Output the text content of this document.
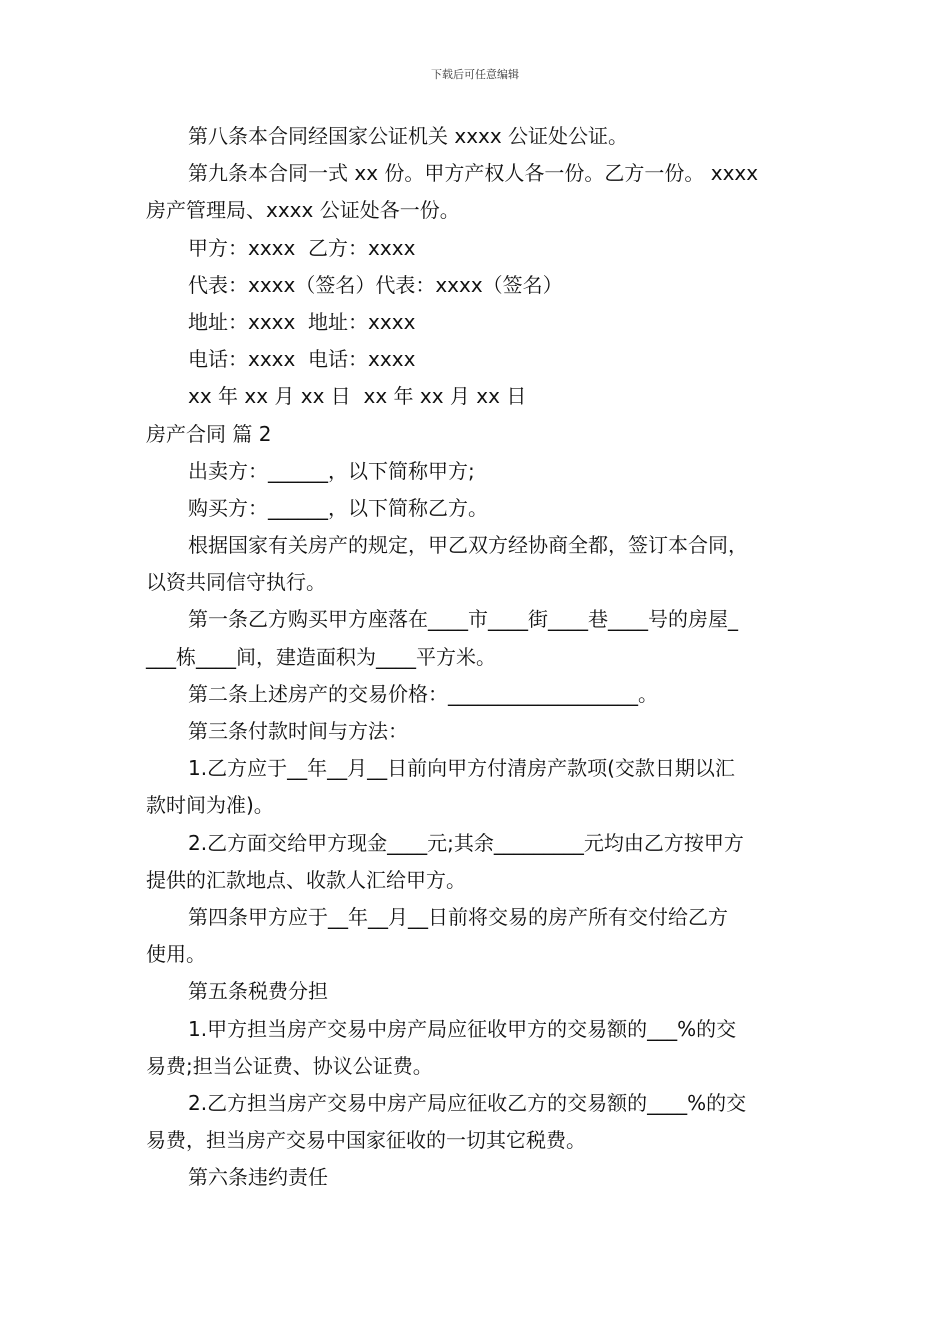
下载后可任意编辑
第八条本合同经国家公证机关 xxxx 公证处公证。
第九条本合同一式 xx 份。甲方产权人各一份。乙方一份。 xxxx
房产管理局、xxxx 公证处各一份。
甲方：xxxx  乙方：xxxx
代表：xxxx（签名）代表：xxxx（签名）
地址：xxxx  地址：xxxx
电话：xxxx  电话：xxxx
xx 年 xx 月 xx 日  xx 年 xx 月 xx 日
房产合同 篇 2
出卖方：______，以下简称甲方;
购买方：______，以下简称乙方。
根据国家有关房产的规定，甲乙双方经协商全都，签订本合同，
以资共同信守执行。
第一条乙方购买甲方座落在____市____街____巷____号的房屋_
___栋____间，建造面积为____平方米。
第二条上述房产的交易价格：___________________。
第三条付款时间与方法：
1.乙方应于__年__月__日前向甲方付清房产款项(交款日期以汇
款时间为准)。
2.乙方面交给甲方现金____元;其余_________元均由乙方按甲方
提供的汇款地点、收款人汇给甲方。
第四条甲方应于__年__月__日前将交易的房产所有交付给乙方
使用。
第五条税费分担
1.甲方担当房产交易中房产局应征收甲方的交易额的___%的交
易费;担当公证费、协议公证费。
2.乙方担当房产交易中房产局应征收乙方的交易额的____%的交
易费，担当房产交易中国家征收的一切其它税费。
第六条违约责任
